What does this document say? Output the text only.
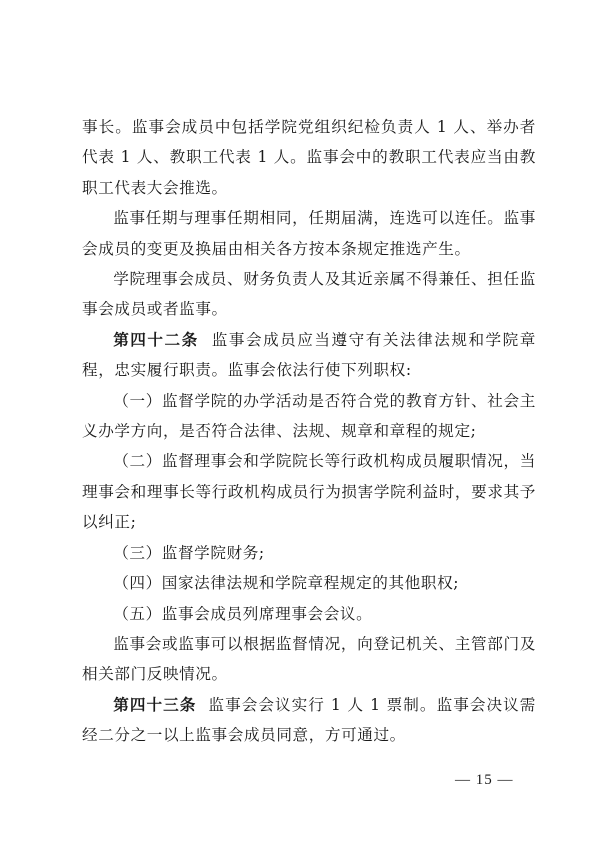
事长。监事会成员中包括学院党组织纪检负责人 1 人、举办者代表 1 人、教职工代表 1 人。监事会中的教职工代表应当由教职工代表大会推选。

监事任期与理事任期相同，任期届满，连选可以连任。监事会成员的变更及换届由相关各方按本条规定推选产生。

学院理事会成员、财务负责人及其近亲属不得兼任、担任监事会成员或者监事。

第四十二条  监事会成员应当遵守有关法律法规和学院章程，忠实履行职责。监事会依法行使下列职权:

（一）监督学院的办学活动是否符合党的教育方针、社会主义办学方向，是否符合法律、法规、规章和章程的规定;

（二）监督理事会和学院院长等行政机构成员履职情况，当理事会和理事长等行政机构成员行为损害学院利益时，要求其予以纠正;

（三）监督学院财务;

（四）国家法律法规和学院章程规定的其他职权;

（五）监事会成员列席理事会会议。

监事会或监事可以根据监督情况，向登记机关、主管部门及相关部门反映情况。

第四十三条  监事会会议实行 1 人 1 票制。监事会决议需经二分之一以上监事会成员同意，方可通过。

— 15 —
